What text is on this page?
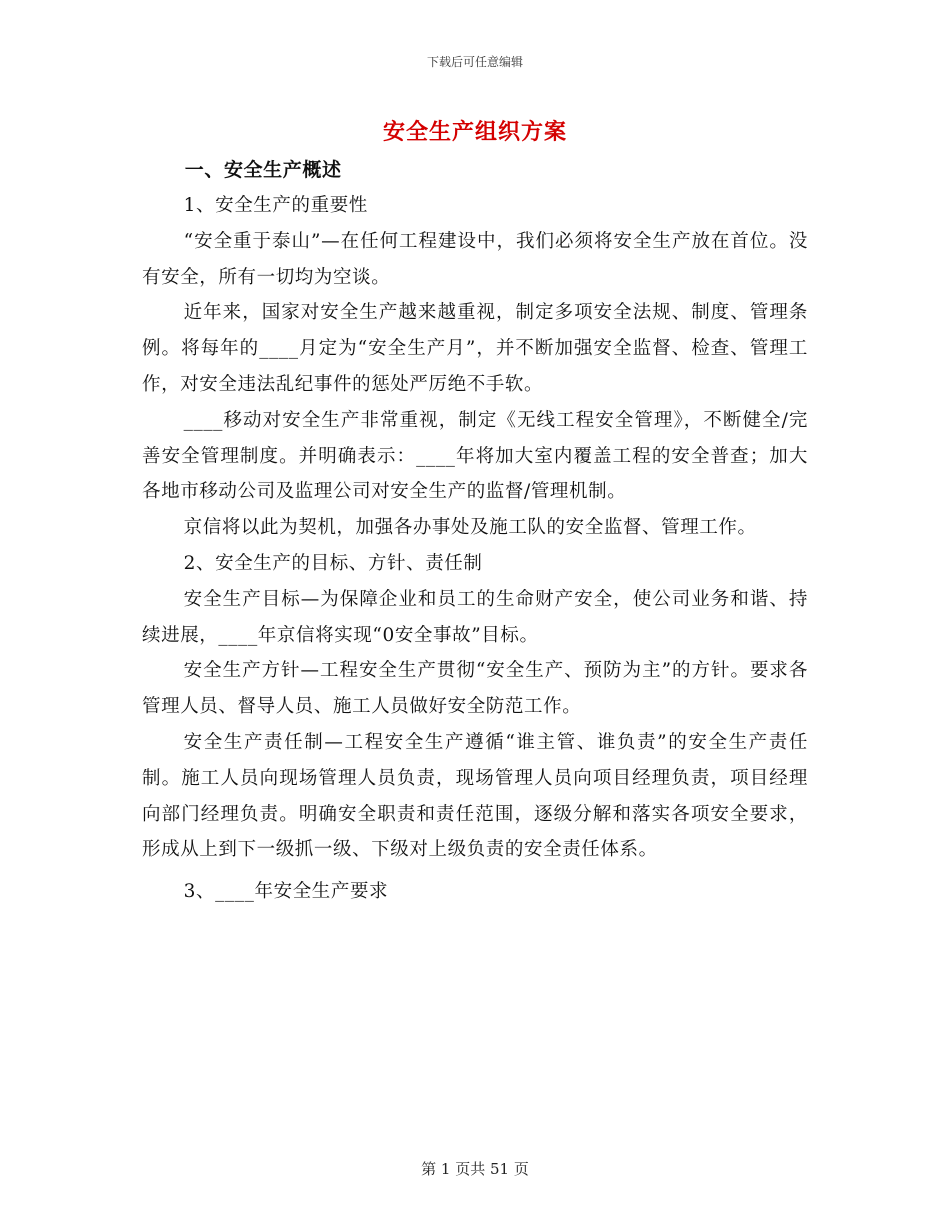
下载后可任意编辑
安全生产组织方案
一、安全生产概述

1、安全生产的重要性

“安全重于泰山”—在任何工程建设中，我们必须将安全生产放在首位。没有安全，所有一切均为空谈。

近年来，国家对安全生产越来越重视，制定多项安全法规、制度、管理条例。将每年的____月定为“安全生产月”，并不断加强安全监督、检查、管理工作，对安全违法乱纪事件的惩处严厉绝不手软。

____移动对安全生产非常重视，制定《无线工程安全管理》，不断健全/完善安全管理制度。并明确表示：____年将加大室内覆盖工程的安全普查；加大各地市移动公司及监理公司对安全生产的监督/管理机制。

京信将以此为契机，加强各办事处及施工队的安全监督、管理工作。

2、安全生产的目标、方针、责任制

安全生产目标—为保障企业和员工的生命财产安全，使公司业务和谐、持续进展，____年京信将实现“0安全事故”目标。

安全生产方针—工程安全生产贯彻“安全生产、预防为主”的方针。要求各管理人员、督导人员、施工人员做好安全防范工作。

安全生产责任制—工程安全生产遵循“谁主管、谁负责”的安全生产责任制。施工人员向现场管理人员负责，现场管理人员向项目经理负责，项目经理向部门经理负责。明确安全职责和责任范围，逐级分解和落实各项安全要求，形成从上到下一级抓一级、下级对上级负责的安全责任体系。

3、____年安全生产要求

第 1 页共 51 页
